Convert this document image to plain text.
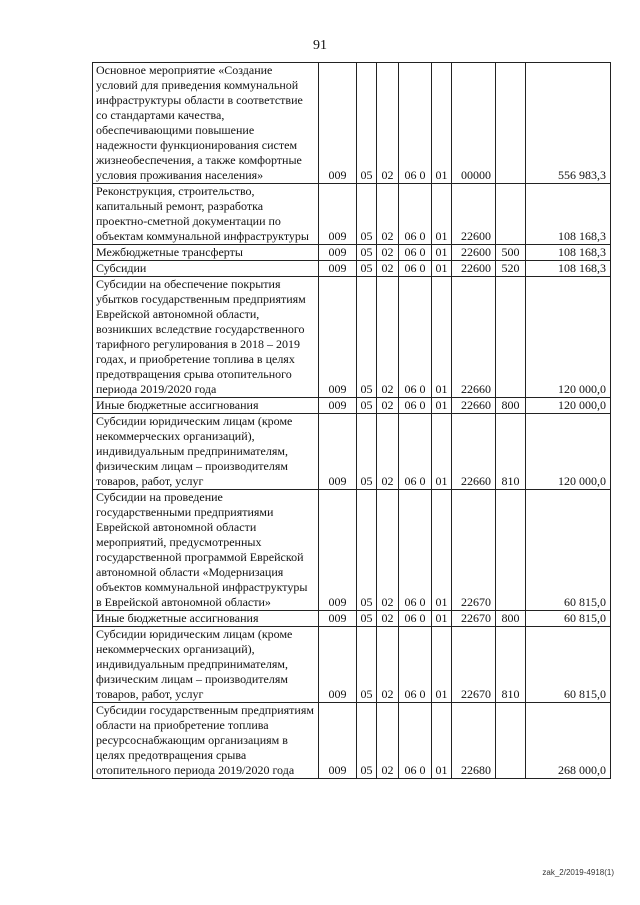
91
Основное мероприятие «Создание условий для приведения коммунальной инфраструктуры области в соответствие со стандартами качества, обеспечивающими повышение надежности функционирования систем жизнеобеспечения, а также комфортные условия проживания населения»	009	05	02	06 0	01	00000		556 983,3
Реконструкция, строительство, капитальный ремонт, разработка проектно-сметной документации по объектам коммунальной инфраструктуры	009	05	02	06 0	01	22600		108 168,3
Межбюджетные трансферты	009	05	02	06 0	01	22600	500	108 168,3
Субсидии	009	05	02	06 0	01	22600	520	108 168,3
Субсидии на обеспечение покрытия убытков государственным предприятиям Еврейской автономной области, возникших вследствие государственного тарифного регулирования в 2018 – 2019 годах, и приобретение топлива в целях предотвращения срыва отопительного периода 2019/2020 года	009	05	02	06 0	01	22660		120 000,0
Иные бюджетные ассигнования	009	05	02	06 0	01	22660	800	120 000,0
Субсидии юридическим лицам (кроме некоммерческих организаций), индивидуальным предпринимателям, физическим лицам – производителям товаров, работ, услуг	009	05	02	06 0	01	22660	810	120 000,0
Субсидии на проведение государственными предприятиями Еврейской автономной области мероприятий, предусмотренных государственной программой Еврейской автономной области «Модернизация объектов коммунальной инфраструктуры в Еврейской автономной области»	009	05	02	06 0	01	22670		60 815,0
Иные бюджетные ассигнования	009	05	02	06 0	01	22670	800	60 815,0
Субсидии юридическим лицам (кроме некоммерческих организаций), индивидуальным предпринимателям, физическим лицам – производителям товаров, работ, услуг	009	05	02	06 0	01	22670	810	60 815,0
Субсидии государственным предприятиям области на приобретение топлива ресурсоснабжающим организациям в целях предотвращения срыва отопительного периода 2019/2020 года	009	05	02	06 0	01	22680		268 000,0
zak_2/2019-4918(1)
